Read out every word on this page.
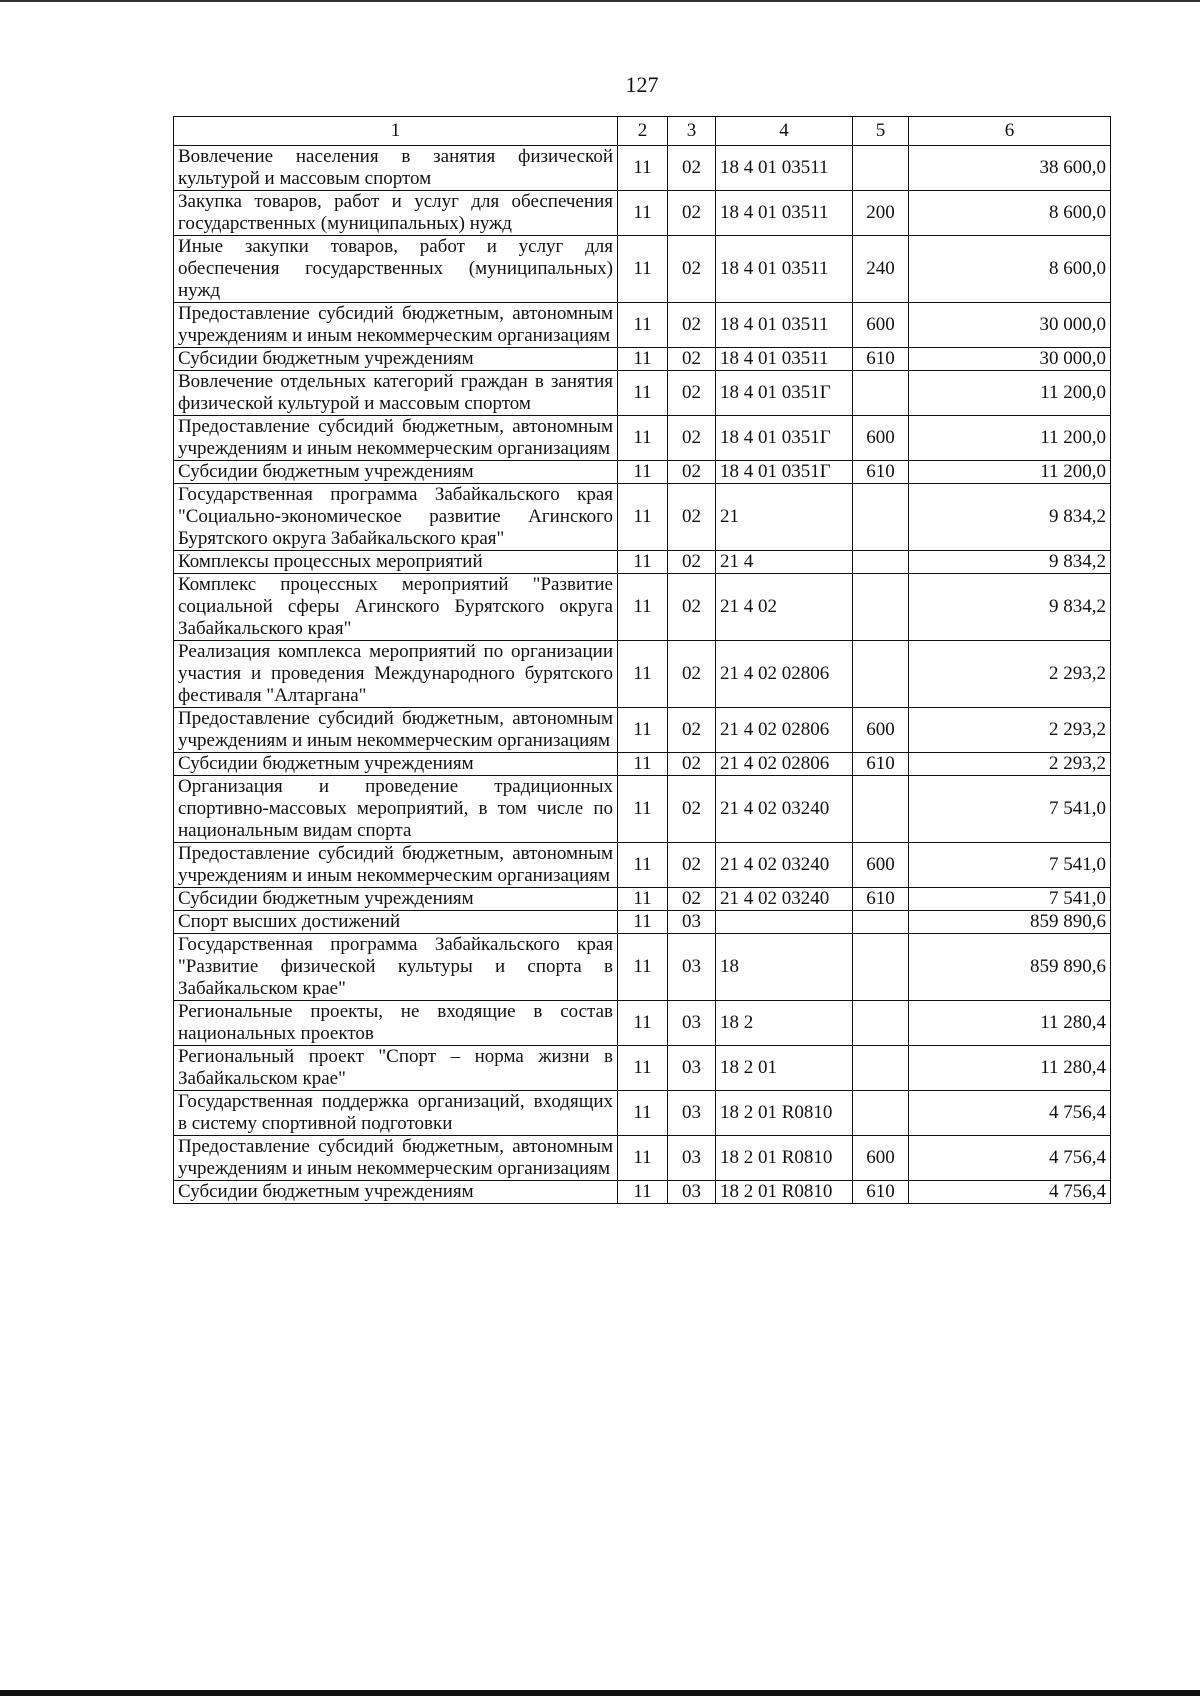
127
1	2	3	4	5	6
Вовлечение населения в занятия физической культурой и массовым спортом	11	02	18 4 01 03511		38 600,0
Закупка товаров, работ и услуг для обеспечения государственных (муниципальных) нужд	11	02	18 4 01 03511	200	8 600,0
Иные закупки товаров, работ и услуг для обеспечения государственных (муниципальных) нужд	11	02	18 4 01 03511	240	8 600,0
Предоставление субсидий бюджетным, автономным учреждениям и иным некоммерческим организациям	11	02	18 4 01 03511	600	30 000,0
Субсидии бюджетным учреждениям	11	02	18 4 01 03511	610	30 000,0
Вовлечение отдельных категорий граждан в занятия физической культурой и массовым спортом	11	02	18 4 01 0351Г		11 200,0
Предоставление субсидий бюджетным, автономным учреждениям и иным некоммерческим организациям	11	02	18 4 01 0351Г	600	11 200,0
Субсидии бюджетным учреждениям	11	02	18 4 01 0351Г	610	11 200,0
Государственная программа Забайкальского края "Социально-экономическое развитие Агинского Бурятского округа Забайкальского края"	11	02	21		9 834,2
Комплексы процессных мероприятий	11	02	21 4		9 834,2
Комплекс процессных мероприятий "Развитие социальной сферы Агинского Бурятского округа Забайкальского края"	11	02	21 4 02		9 834,2
Реализация комплекса мероприятий по организации участия и проведения Международного бурятского фестиваля "Алтаргана"	11	02	21 4 02 02806		2 293,2
Предоставление субсидий бюджетным, автономным учреждениям и иным некоммерческим организациям	11	02	21 4 02 02806	600	2 293,2
Субсидии бюджетным учреждениям	11	02	21 4 02 02806	610	2 293,2
Организация и проведение традиционных спортивно-массовых мероприятий, в том числе по национальным видам спорта	11	02	21 4 02 03240		7 541,0
Предоставление субсидий бюджетным, автономным учреждениям и иным некоммерческим организациям	11	02	21 4 02 03240	600	7 541,0
Субсидии бюджетным учреждениям	11	02	21 4 02 03240	610	7 541,0
Спорт высших достижений	11	03			859 890,6
Государственная программа Забайкальского края "Развитие физической культуры и спорта в Забайкальском крае"	11	03	18		859 890,6
Региональные проекты, не входящие в состав национальных проектов	11	03	18 2		11 280,4
Региональный проект "Спорт – норма жизни в Забайкальском крае"	11	03	18 2 01		11 280,4
Государственная поддержка организаций, входящих в систему спортивной подготовки	11	03	18 2 01 R0810		4 756,4
Предоставление субсидий бюджетным, автономным учреждениям и иным некоммерческим организациям	11	03	18 2 01 R0810	600	4 756,4
Субсидии бюджетным учреждениям	11	03	18 2 01 R0810	610	4 756,4
